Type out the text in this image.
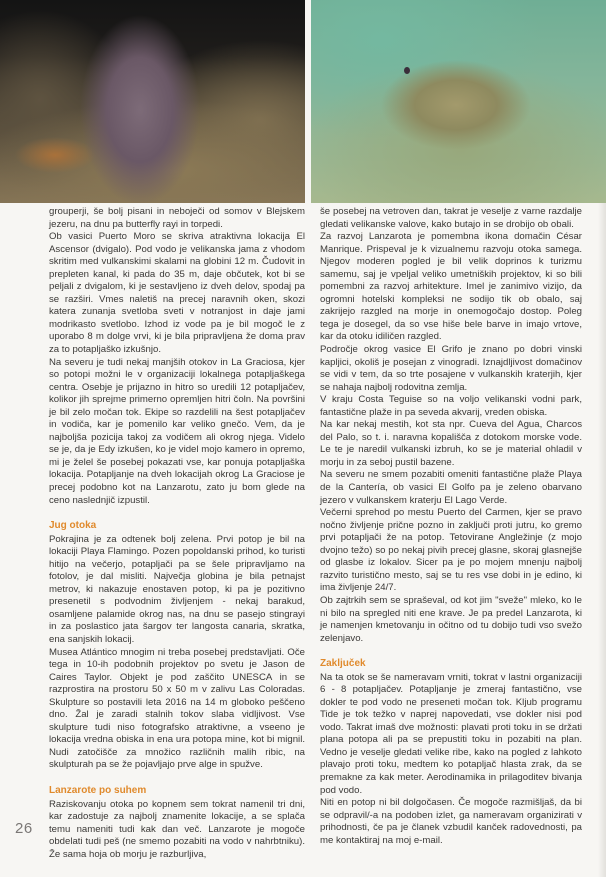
grouperji, še bolj pisani in neboječi od somov v Blejskem jezeru, na dnu pa butterfly rayi in torpedi.

Ob vasici Puerto Moro se skriva atraktivna lokacija El Ascensor (dvigalo). Pod vodo je velikanska jama z vhodom skritim med vulkanskimi skalami na globini 12 m. Čudovit in prepleten kanal, ki pada do 35 m, daje občutek, kot bi se peljali z dvigalom, ki je sestavljeno iz dveh delov, spodaj pa se razširi. Vmes naletiš na precej naravnih oken, skozi katera zunanja svetloba sveti v notranjost in daje jami modrikasto svetlobo. Izhod iz vode pa je bil mogoč le z uporabo 8 m dolge vrvi, ki je bila pripravljena že doma prav za to potapljaško izkušnjo.

Na severu je tudi nekaj manjših otokov in La Graciosa, kjer so potopi možni le v organizaciji lokalnega potapljaškega centra. Osebje je prijazno in hitro so uredili 12 potapljačev, kolikor jih sprejme primerno opremljen hitri čoln. Na površini je bil zelo močan tok. Ekipe so razdelili na šest potapljačev in vodiča, kar je pomenilo kar veliko gnečo. Vem, da je najboljša pozicija takoj za vodičem ali okrog njega. Videlo se je, da je Edy izkušen, ko je videl mojo kamero in opremo, mi je želel še posebej pokazati vse, kar ponuja potapljaška lokacija. Potapljanje na dveh lokacijah okrog La Graciose je precej podobno kot na Lanzarotu, zato ju bom glede na ceno naslednjič izpustil.

Jug otoka

Pokrajina je za odtenek bolj zelena. Prvi potop je bil na lokaciji Playa Flamingo. Pozen popoldanski prihod, ko turisti hitijo na večerjo, potapljači pa se šele pripravljamo na fotolov, je dal misliti. Največja globina je bila petnajst metrov, ki nakazuje enostaven potop, ki pa je pozitivno presenetil s podvodnim življenjem - nekaj barakud, osamljene palamide okrog nas, na dnu se pasejo stingrayi in za poslastico jata šargov ter langosta canaria, skratka, ena sanjskih lokacij.

Musea Atlántico mnogim ni treba posebej predstavljati. Oče tega in 10-ih podobnih projektov po svetu je Jason de Caires Taylor. Objekt je pod zaščito UNESCA in se razprostira na prostoru 50 x 50 m v zalivu Las Coloradas. Skulpture so postavili leta 2016 na 14 m globoko peščeno dno. Žal je zaradi stalnih tokov slaba vidljivost. Vse skulpture tudi niso fotografsko atraktivne, a vseeno je lokacija vredna obiska in ena ura potopa mine, kot bi mignil. Nudi zatočišče za množico različnih malih ribic, na skulpturah pa se že pojavljajo prve alge in spužve.

Lanzarote po suhem

Raziskovanju otoka po kopnem sem tokrat namenil tri dni, kar zadostuje za najbolj znamenite lokacije, a se splača temu nameniti tudi kak dan več. Lanzarote je mogoče obdelati tudi peš (ne smemo pozabiti na vodo v nahrbtniku). Že sama hoja ob morju je razburljiva,

še posebej na vetroven dan, takrat je veselje z varne razdalje gledati velikanske valove, kako butajo in se drobijo ob obali.

Za razvoj Lanzarota je pomembna ikona domačin César Manrique. Prispeval je k vizualnemu razvoju otoka samega. Njegov moderen pogled je bil velik doprinos k turizmu samemu, saj je vpeljal veliko umetniških projektov, ki so bili pomembni za razvoj arhitekture. Imel je zanimivo vizijo, da ogromni hotelski kompleksi ne sodijo tik ob obalo, saj zakrijejo razgled na morje in onemogočajo dostop. Poleg tega je dosegel, da so vse hiše bele barve in imajo vrtove, kar da otoku idiličen razgled.

Področje okrog vasice El Grifo je znano po dobri vinski kapljici, okoliš je posejan z vinogradi. Iznajdljivost domačinov se vidi v tem, da so trte posajene v vulkanskih kraterjih, kjer se nahaja najbolj rodovitna zemlja.

V kraju Costa Teguise so na voljo velikanski vodni park, fantastične plaže in pa seveda akvarij, vreden obiska.

Na kar nekaj mestih, kot sta npr. Cueva del Agua, Charcos del Palo, so t. i. naravna kopališča z dotokom morske vode. Le te je naredil vulkanski izbruh, ko se je material ohladil v morju in za seboj pustil bazene.

Na severu ne smem pozabiti omeniti fantastične plaže Playa de la Cantería, ob vasici El Golfo pa je zeleno obarvano jezero v vulkanskem kraterju El Lago Verde.

Večerni sprehod po mestu Puerto del Carmen, kjer se pravo nočno življenje prične pozno in zaključi proti jutru, ko gremo prvi potapljači že na potop. Tetovirane Angležinje (z mojo dvojno težo) so po nekaj pivih precej glasne, skoraj glasnejše od glasbe iz lokalov. Sicer pa je po mojem mnenju najbolj razvito turistično mesto, saj se tu res vse dobi in je edino, ki ima življenje 24/7.

Ob zajtrkih sem se spraševal, od kot jim "sveže" mleko, ko le ni bilo na spregled niti ene krave. Je pa predel Lanzarota, ki je namenjen kmetovanju in očitno od tu dobijo tudi vso svežo zelenjavo.

Zaključek

Na ta otok se še nameravam vrniti, tokrat v lastni organizaciji 6 - 8 potapljačev. Potapljanje je zmeraj fantastično, vse dokler te pod vodo ne preseneti močan tok. Kljub programu Tide je tok težko v naprej napovedati, vse dokler nisi pod vodo. Takrat imaš dve možnosti: plavati proti toku in se držati plana potopa ali pa se prepustiti toku in pozabiti na plan. Vedno je veselje gledati velike ribe, kako na pogled z lahkoto plavajo proti toku, medtem ko potapljač hlasta zrak, da se premakne za kak meter. Aerodinamika in prilagoditev bivanja pod vodo.

Niti en potop ni bil dolgočasen. Če mogoče razmišljaš, da bi se odpravil/-a na podoben izlet, ga nameravam organizirati v prihodnosti, če pa je članek vzbudil kanček radovednosti, pa me kontaktiraj na moj e-mail.

26
